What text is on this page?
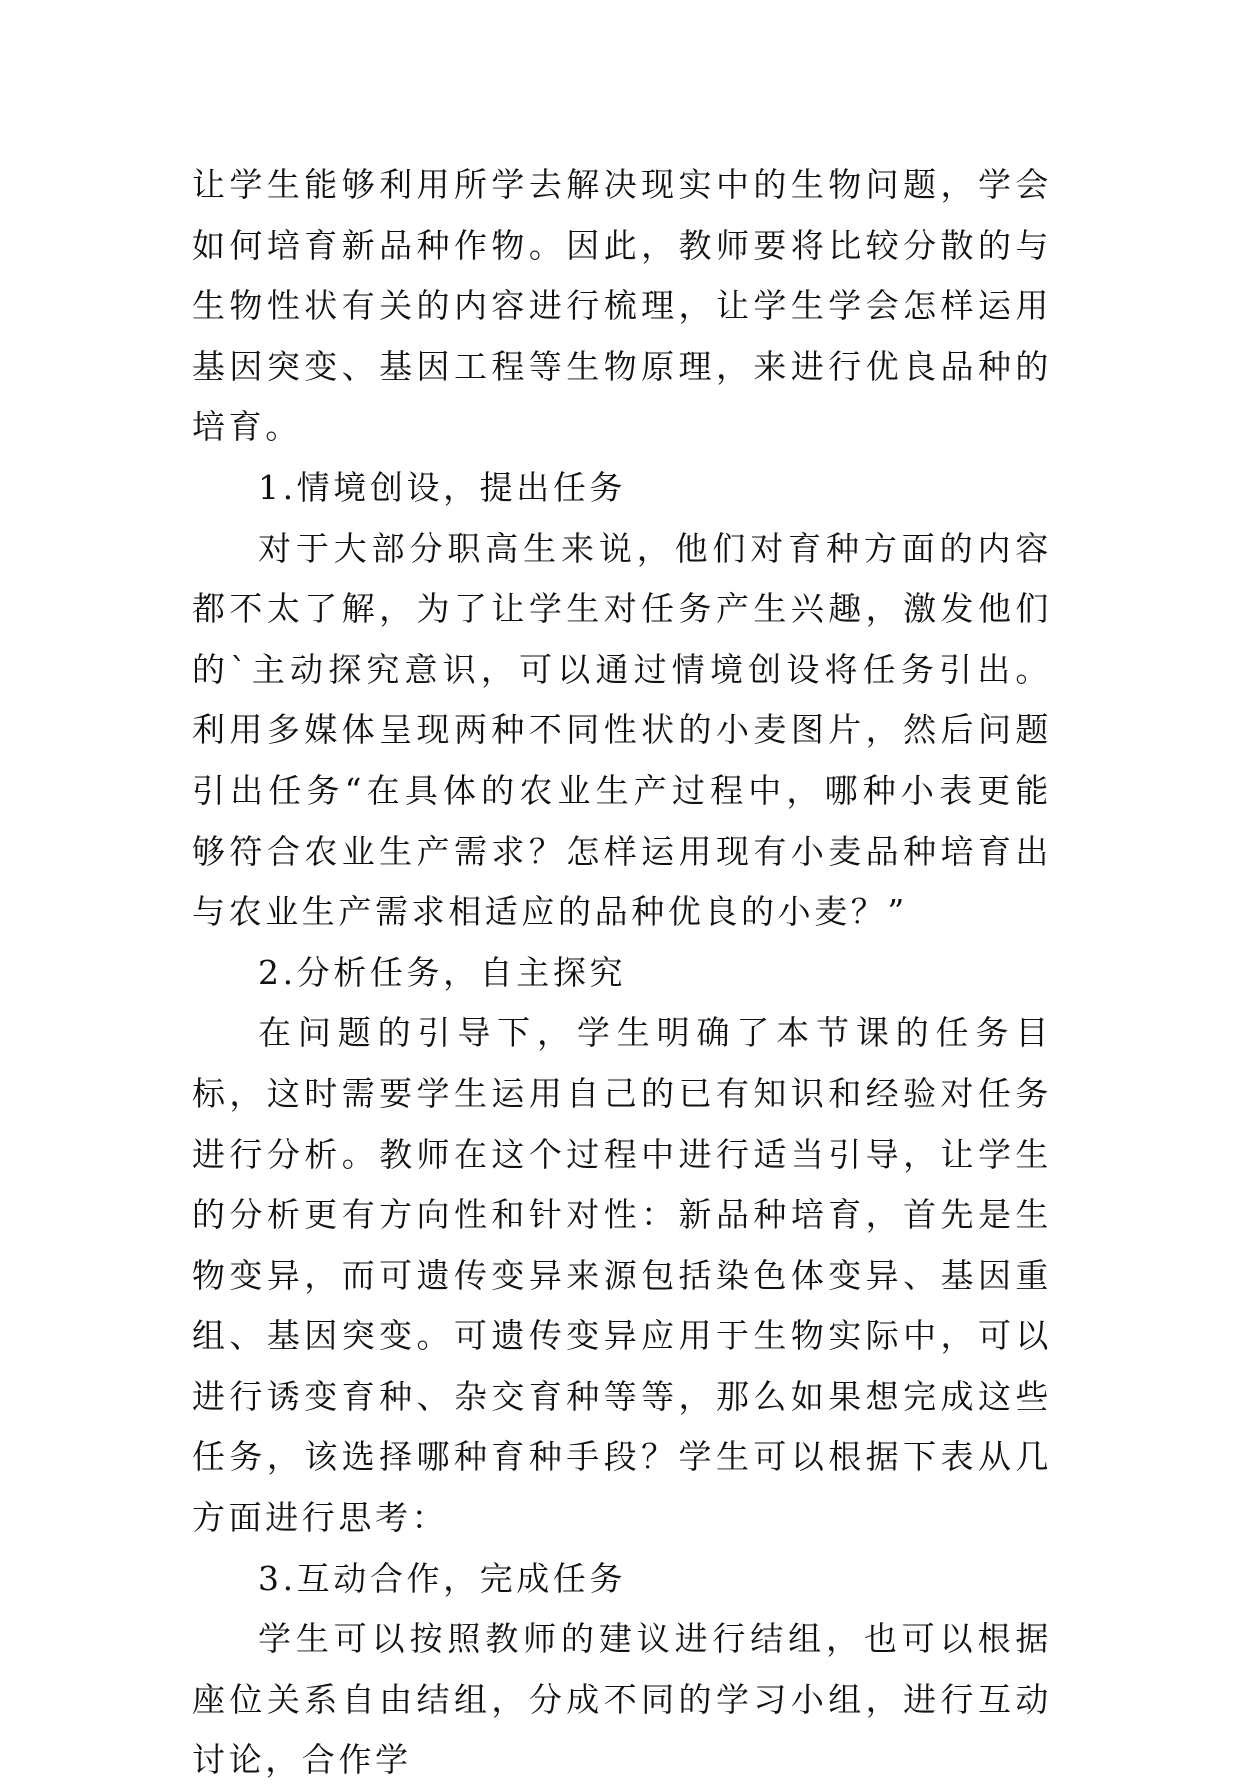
让学生能够利用所学去解决现实中的生物问题，学会如何培育新品种作物。因此，教师要将比较分散的与生物性状有关的内容进行梳理，让学生学会怎样运用基因突变、基因工程等生物原理，来进行优良品种的培育。

1.情境创设，提出任务

对于大部分职高生来说，他们对育种方面的内容都不太了解，为了让学生对任务产生兴趣，激发他们的`主动探究意识，可以通过情境创设将任务引出。利用多媒体呈现两种不同性状的小麦图片，然后问题引出任务“在具体的农业生产过程中，哪种小表更能够符合农业生产需求？怎样运用现有小麦品种培育出与农业生产需求相适应的品种优良的小麦？”

2.分析任务，自主探究

在问题的引导下，学生明确了本节课的任务目标，这时需要学生运用自己的已有知识和经验对任务进行分析。教师在这个过程中进行适当引导，让学生的分析更有方向性和针对性：新品种培育，首先是生物变异，而可遗传变异来源包括染色体变异、基因重组、基因突变。可遗传变异应用于生物实际中，可以进行诱变育种、杂交育种等等，那么如果想完成这些任务，该选择哪种育种手段？学生可以根据下表从几方面进行思考：

3.互动合作，完成任务

学生可以按照教师的建议进行结组，也可以根据座位关系自由结组，分成不同的学习小组，进行互动讨论，合作学
